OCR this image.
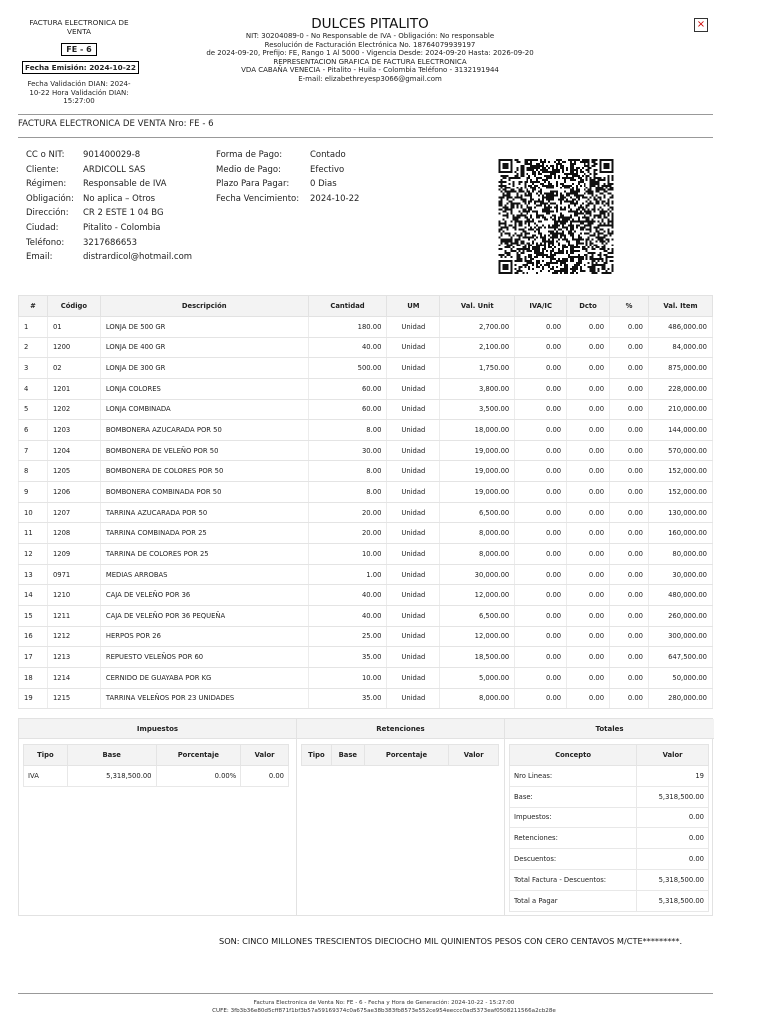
FACTURA ELECTRONICA DE VENTA
FE - 6
Fecha Emisión: 2024-10-22
Fecha Validación DIAN: 2024-10-22 Hora Validación DIAN: 15:27:00
DULCES PITALITO
NIT: 30204089-0 - No Responsable de IVA - Obligación: No responsable
Resolución de Facturación Electrónica No. 18764079939197
de 2024-09-20, Prefijo: FE, Rango 1 Al 5000 - Vigencia Desde: 2024-09-20 Hasta: 2026-09-20
REPRESENTACION GRAFICA DE FACTURA ELECTRONICA
VDA CABAÑA VENECIA - Pitalito - Huila - Colombia Teléfono - 3132191944
E-mail: elizabethreyesp3066@gmail.com
×
FACTURA ELECTRONICA DE VENTA Nro: FE - 6
CC o NIT:	901400029-8
Cliente:	ARDICOLL SAS
Régimen:	Responsable de IVA
Obligación:	No aplica – Otros
Dirección:	CR 2 ESTE 1 04 BG
Ciudad:	Pitalito - Colombia
Teléfono:	3217686653
Email:	distrardicol@hotmail.com
Forma de Pago:	Contado
Medio de Pago:	Efectivo
Plazo Para Pagar:	0 Dias
Fecha Vencimiento:	2024-10-22
#	Código	Descripción	Cantidad	UM	Val. Unit	IVA/IC	Dcto	%	Val. Item
1	01	LONJA DE 500 GR	180.00	Unidad	2,700.00	0.00	0.00	0.00	486,000.00
2	1200	LONJA DE 400 GR	40.00	Unidad	2,100.00	0.00	0.00	0.00	84,000.00
3	02	LONJA DE 300 GR	500.00	Unidad	1,750.00	0.00	0.00	0.00	875,000.00
4	1201	LONJA COLORES	60.00	Unidad	3,800.00	0.00	0.00	0.00	228,000.00
5	1202	LONJA COMBINADA	60.00	Unidad	3,500.00	0.00	0.00	0.00	210,000.00
6	1203	BOMBONERA AZUCARADA POR 50	8.00	Unidad	18,000.00	0.00	0.00	0.00	144,000.00
7	1204	BOMBONERA DE VELEÑO POR 50	30.00	Unidad	19,000.00	0.00	0.00	0.00	570,000.00
8	1205	BOMBONERA DE COLORES POR 50	8.00	Unidad	19,000.00	0.00	0.00	0.00	152,000.00
9	1206	BOMBONERA COMBINADA POR 50	8.00	Unidad	19,000.00	0.00	0.00	0.00	152,000.00
10	1207	TARRINA AZUCARADA POR 50	20.00	Unidad	6,500.00	0.00	0.00	0.00	130,000.00
11	1208	TARRINA COMBINADA POR 25	20.00	Unidad	8,000.00	0.00	0.00	0.00	160,000.00
12	1209	TARRINA DE COLORES POR 25	10.00	Unidad	8,000.00	0.00	0.00	0.00	80,000.00
13	0971	MEDIAS ARROBAS	1.00	Unidad	30,000.00	0.00	0.00	0.00	30,000.00
14	1210	CAJA DE VELEÑO POR 36	40.00	Unidad	12,000.00	0.00	0.00	0.00	480,000.00
15	1211	CAJA DE VELEÑO POR 36 PEQUEÑA	40.00	Unidad	6,500.00	0.00	0.00	0.00	260,000.00
16	1212	HERPOS POR 26	25.00	Unidad	12,000.00	0.00	0.00	0.00	300,000.00
17	1213	REPUESTO VELEÑOS POR 60	35.00	Unidad	18,500.00	0.00	0.00	0.00	647,500.00
18	1214	CERNIDO DE GUAYABA POR KG	10.00	Unidad	5,000.00	0.00	0.00	0.00	50,000.00
19	1215	TARRINA VELEÑOS POR 23 UNIDADES	35.00	Unidad	8,000.00	0.00	0.00	0.00	280,000.00
Impuestos
Tipo	Base	Porcentaje	Valor
IVA	5,318,500.00	0.00%	0.00
Retenciones
Tipo	Base	Porcentaje	Valor
Totales
Concepto	Valor
Nro Lineas:	19
Base:	5,318,500.00
Impuestos:	0.00
Retenciones:	0.00
Descuentos:	0.00
Total Factura - Descuentos:	5,318,500.00
Total a Pagar	5,318,500.00
SON: CINCO MILLONES TRESCIENTOS DIECIOCHO MIL QUINIENTOS PESOS CON CERO CENTAVOS M/CTE*********.
Factura Electronica de Venta No: FE - 6 - Fecha y Hora de Generación: 2024-10-22 - 15:27:00
CUFE: 3fb3b36e80d5cff871f1bf3b57a59169374c0a675ae38b383fb8573e552ce954eeccc0ad5373eaf0508211566a2cb28e
